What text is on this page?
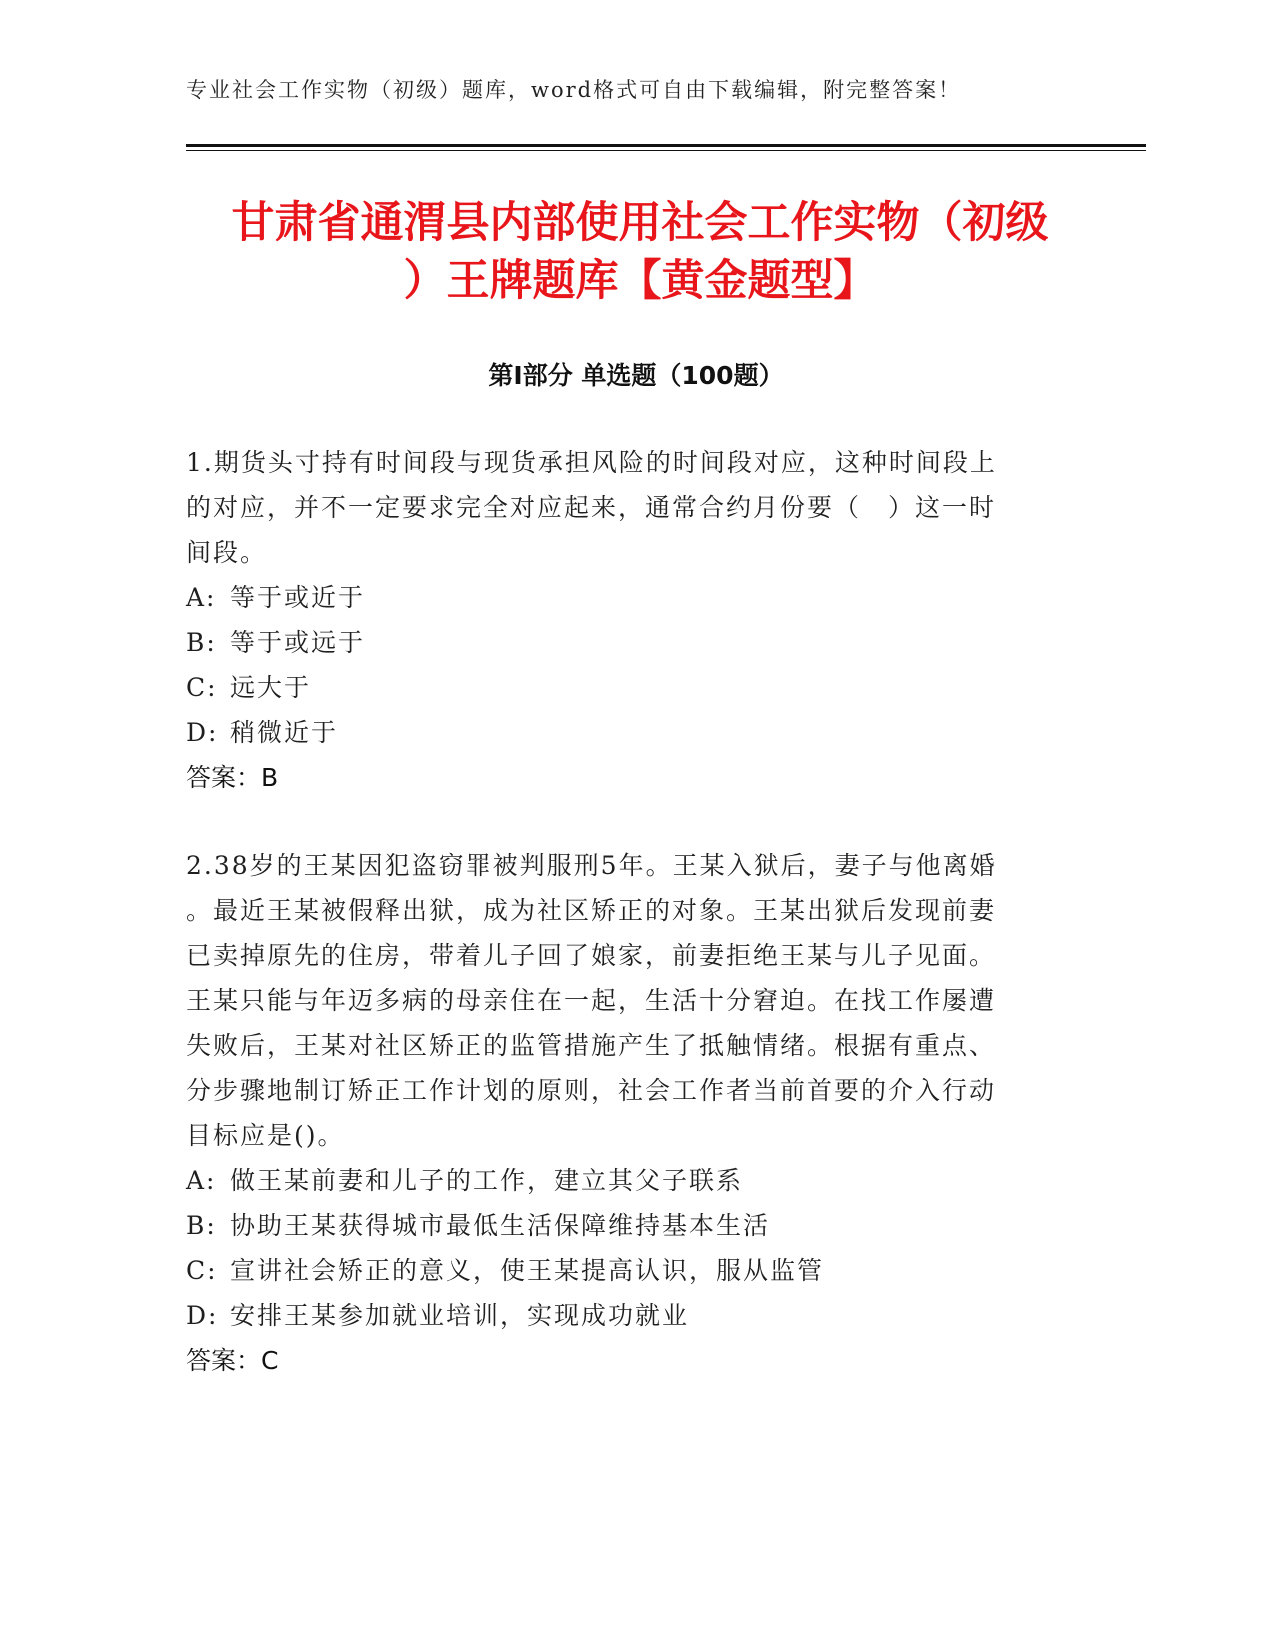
专业社会工作实物（初级）题库，word格式可自由下载编辑，附完整答案！
甘肃省通渭县内部使用社会工作实物（初级
）王牌题库【黄金题型】
第Ⅰ部分 单选题（100题）

1.期货头寸持有时间段与现货承担风险的时间段对应，这种时间段上
的对应，并不一定要求完全对应起来，通常合约月份要（　）这一时
间段。

A: 等于或近于
B: 等于或远于
C: 远大于
D: 稍微近于
答案：B

2.38岁的王某因犯盗窃罪被判服刑5年。王某入狱后，妻子与他离婚
。最近王某被假释出狱，成为社区矫正的对象。王某出狱后发现前妻
已卖掉原先的住房，带着儿子回了娘家，前妻拒绝王某与儿子见面。
王某只能与年迈多病的母亲住在一起，生活十分窘迫。在找工作屡遭
失败后，王某对社区矫正的监管措施产生了抵触情绪。根据有重点、
分步骤地制订矫正工作计划的原则，社会工作者当前首要的介入行动
目标应是()。

A: 做王某前妻和儿子的工作，建立其父子联系
B: 协助王某获得城市最低生活保障维持基本生活
C: 宣讲社会矫正的意义，使王某提高认识，服从监管
D: 安排王某参加就业培训，实现成功就业
答案：C
